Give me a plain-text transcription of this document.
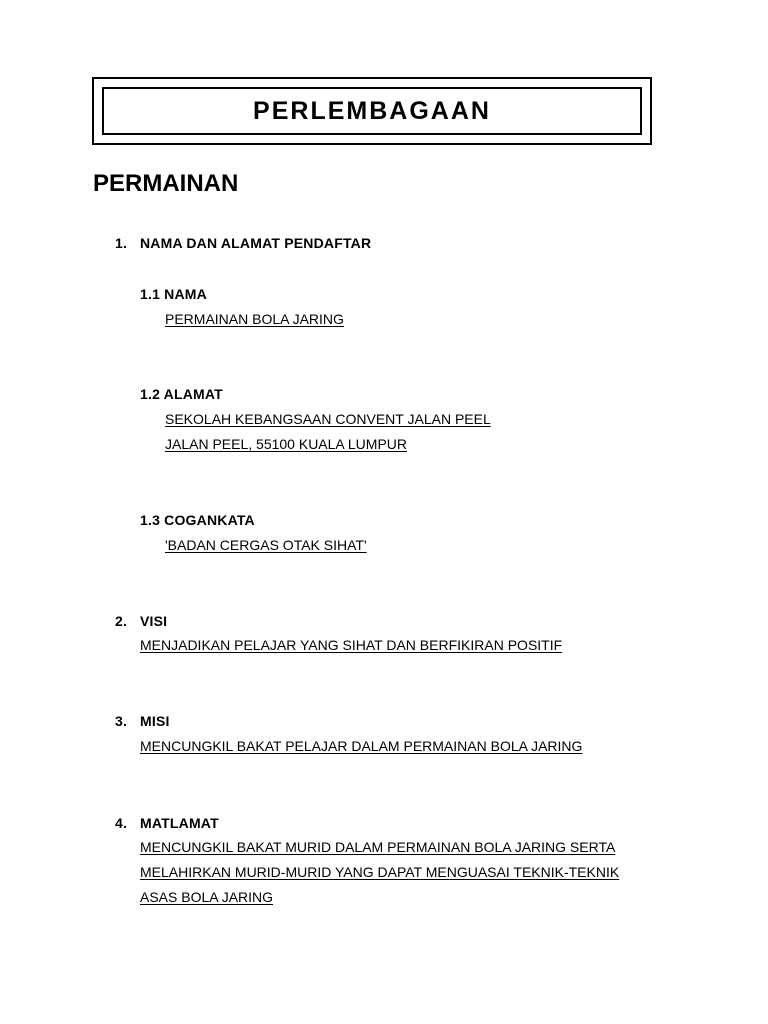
PERLEMBAGAAN
PERMAINAN
1. NAMA DAN ALAMAT PENDAFTAR
1.1 NAMA
PERMAINAN BOLA JARING
1.2 ALAMAT
SEKOLAH KEBANGSAAN CONVENT JALAN PEEL
JALAN PEEL, 55100 KUALA LUMPUR
1.3 COGANKATA
'BADAN CERGAS OTAK SIHAT'
2. VISI
MENJADIKAN PELAJAR YANG SIHAT DAN BERFIKIRAN POSITIF
3. MISI
MENCUNGKIL BAKAT PELAJAR DALAM PERMAINAN BOLA JARING
4. MATLAMAT
MENCUNGKIL BAKAT MURID DALAM PERMAINAN BOLA JARING SERTA
MELAHIRKAN MURID-MURID YANG DAPAT MENGUASAI TEKNIK-TEKNIK
ASAS BOLA JARING
